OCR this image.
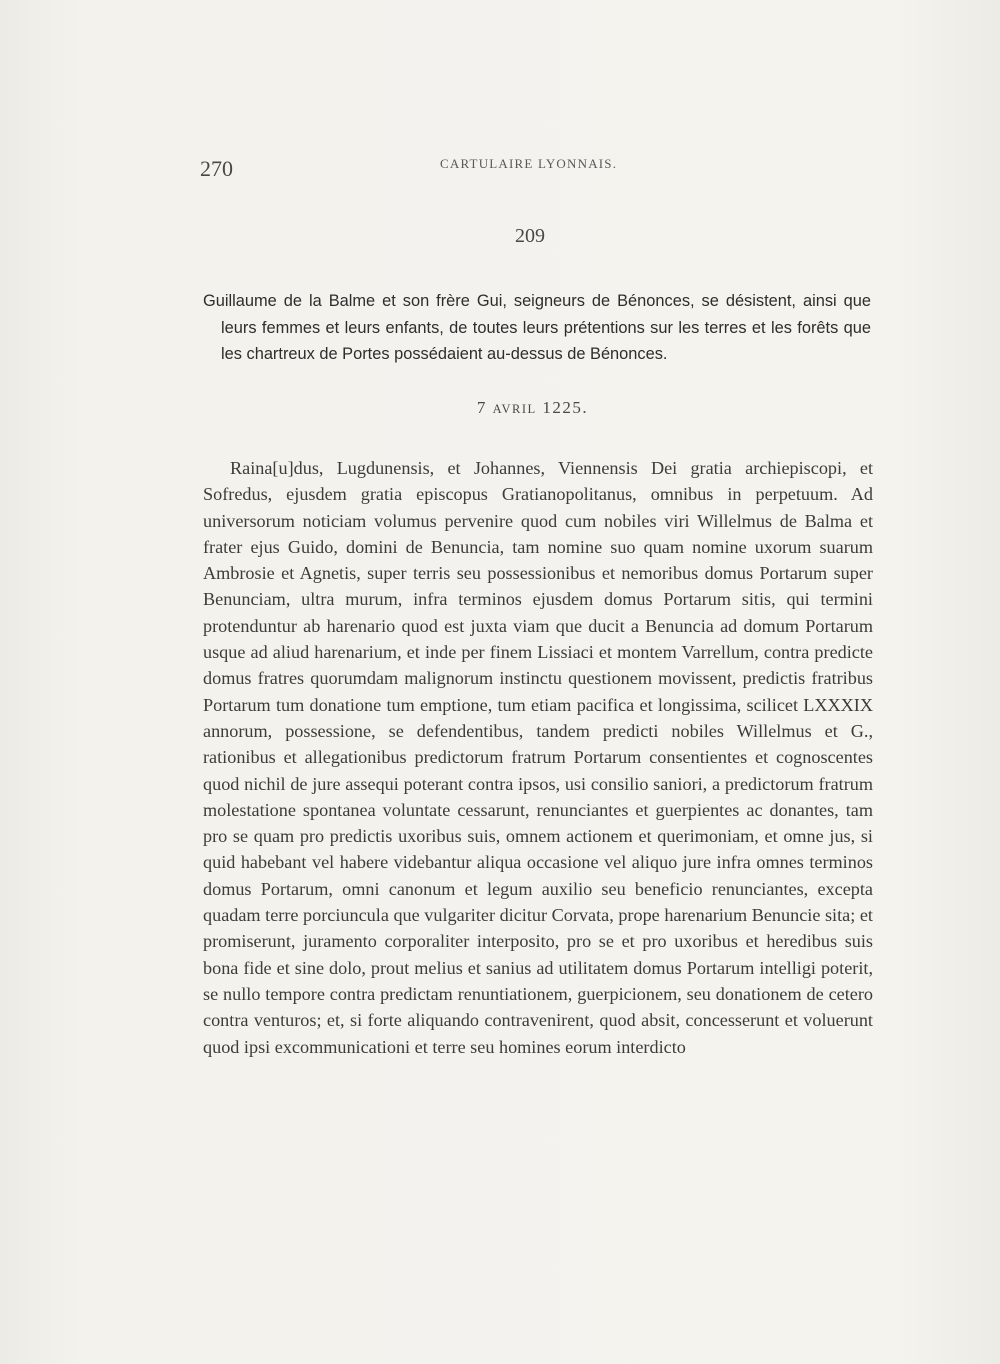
270	CARTULAIRE LYONNAIS.
209

Guillaume de la Balme et son frère Gui, seigneurs de Bénonces, se désistent, ainsi que leurs femmes et leurs enfants, de toutes leurs prétentions sur les terres et les forêts que les chartreux de Portes possédaient au-dessus de Bénonces.

7 AVRIL 1225.

Raina[u]dus, Lugdunensis, et Johannes, Viennensis Dei gratia archiepiscopi, et Sofredus, ejusdem gratia episcopus Gratianopolitanus, omnibus in perpetuum. Ad universorum noticiam volumus pervenire quod cum nobiles viri Willelmus de Balma et frater ejus Guido, domini de Benuncia, tam nomine suo quam nomine uxorum suarum Ambrosie et Agnetis, super terris seu possessionibus et nemoribus domus Portarum super Benunciam, ultra murum, infra terminos ejusdem domus Portarum sitis, qui termini protenduntur ab harenario quod est juxta viam que ducit a Benuncia ad domum Portarum usque ad aliud harenarium, et inde per finem Lissiaci et montem Varrellum, contra predicte domus fratres quorumdam malignorum instinctu questionem movissent, predictis fratribus Portarum tum donatione tum emptione, tum etiam pacifica et longissima, scilicet LXXXIX annorum, possessione, se defendentibus, tandem predicti nobiles Willelmus et G., rationibus et allegationibus predictorum fratrum Portarum consentientes et cognoscentes quod nichil de jure assequi poterant contra ipsos, usi consilio saniori, a predictorum fratrum molestatione spontanea voluntate cessarunt, renunciantes et guerpientes ac donantes, tam pro se quam pro predictis uxoribus suis, omnem actionem et querimoniam, et omne jus, si quid habebant vel habere videbantur aliqua occasione vel aliquo jure infra omnes terminos domus Portarum, omni canonum et legum auxilio seu beneficio renunciantes, excepta quadam terre porciuncula que vulgariter dicitur Corvata, prope harenarium Benuncie sita; et promiserunt, juramento corporaliter interposito, pro se et pro uxoribus et heredibus suis bona fide et sine dolo, prout melius et sanius ad utilitatem domus Portarum intelligi poterit, se nullo tempore contra predictam renuntiationem, guerpicionem, seu donationem de cetero contra venturos; et, si forte aliquando contravenirent, quod absit, concesserunt et voluerunt quod ipsi excommunicationi et terre seu homines eorum interdicto
